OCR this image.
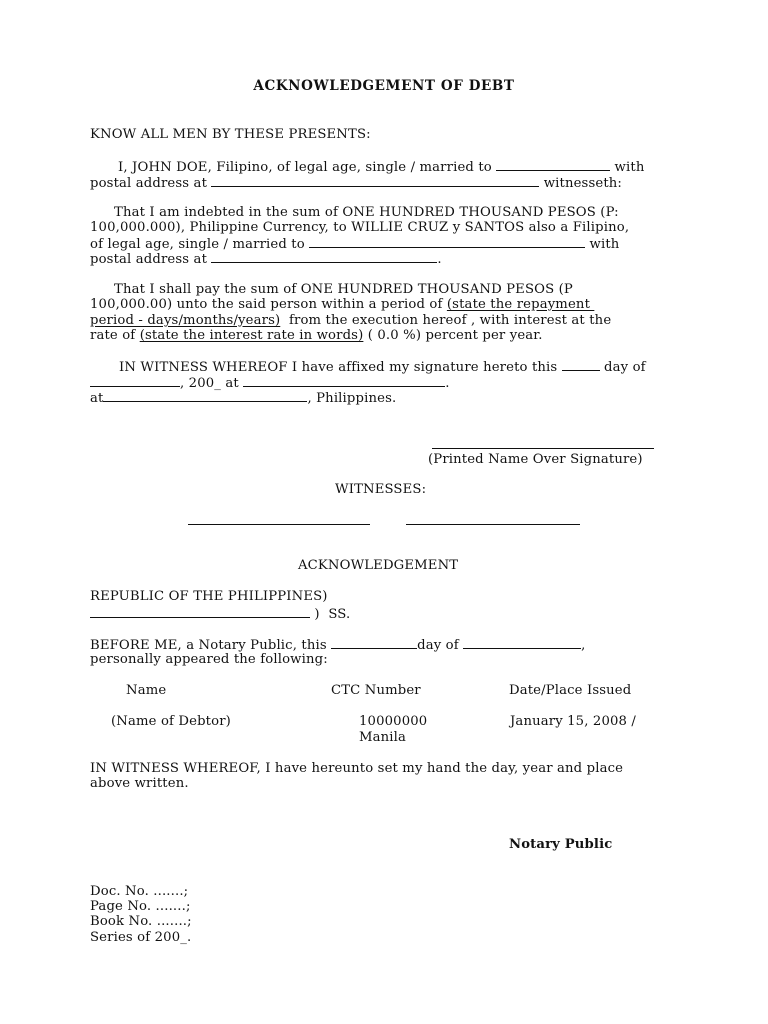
ACKNOWLEDGEMENT OF DEBT
KNOW ALL MEN BY THESE PRESENTS:
I, JOHN DOE, Filipino, of legal age, single / married to	with
postal address at	witnesseth:
That I am indebted in the sum of ONE HUNDRED THOUSAND PESOS (P:
100,000.000), Philippine Currency, to WILLIE CRUZ y SANTOS also a Filipino,
of legal age, single / married to	with
postal address at	.
That I shall pay the sum of ONE HUNDRED THOUSAND PESOS (P
100,000.00) unto the said person within a period of (state the repayment
period - days/months/years)  from the execution hereof , with interest at the
rate of (state the interest rate in words) ( 0.0 %) percent per year.
IN WITNESS WHEREOF I have affixed my signature hereto this	day of
, 200_ at	.
at	, Philippines.
(Printed Name Over Signature)
WITNESSES:
ACKNOWLEDGEMENT
REPUBLIC OF THE PHILIPPINES)
)  SS.
BEFORE ME, a Notary Public, this	day of	,
personally appeared the following:
Name	CTC Number	Date/Place Issued
(Name of Debtor)	10000000	January 15, 2008 /
Manila
IN WITNESS WHEREOF, I have hereunto set my hand the day, year and place
above written.
Notary Public
Doc. No. .......;
Page No. .......;
Book No. .......;
Series of 200_.
